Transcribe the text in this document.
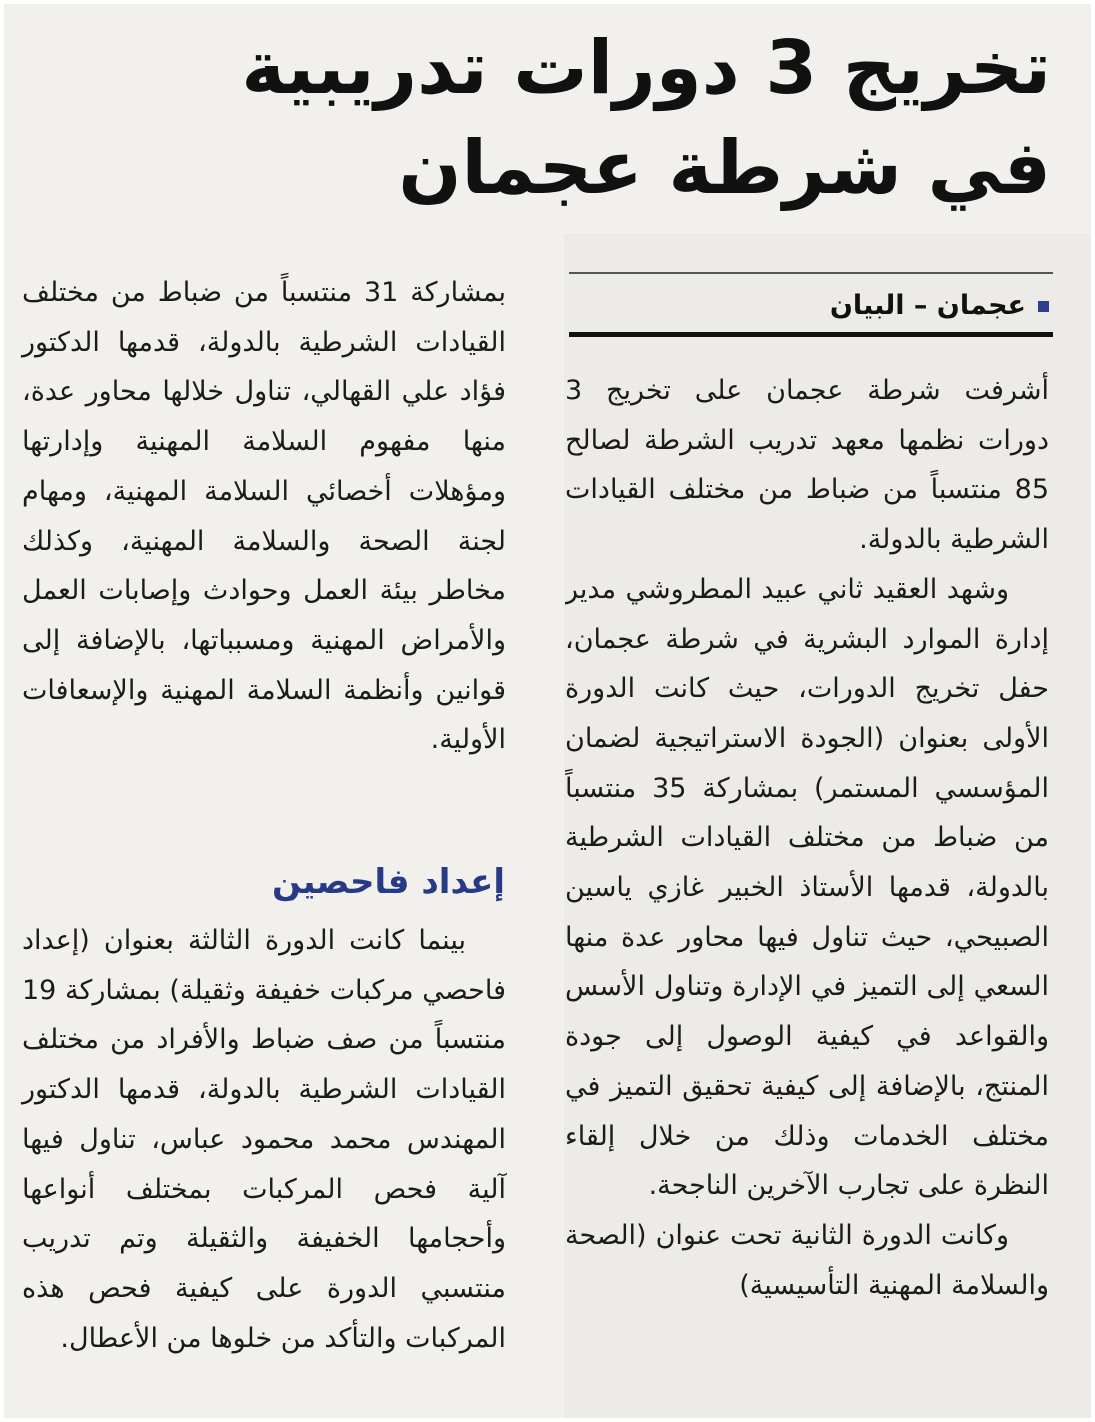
تخريج 3 دورات تدريبية
في شرطة عجمان
عجمان – البيان

أشرفت شرطة عجمان على تخريج 3 دورات نظمها معهد تدريب الشرطة لصالح 85 منتسباً من ضباط من مختلف القيادات الشرطية بالدولة.

وشهد العقيد ثاني عبيد المطروشي مدير إدارة الموارد البشرية في شرطة عجمان، حفل تخريج الدورات، حيث كانت الدورة الأولى بعنوان (الجودة الاستراتيجية لضمان المؤسسي المستمر) بمشاركة 35 منتسباً من ضباط من مختلف القيادات الشرطية بالدولة، قدمها الأستاذ الخبير غازي ياسين الصبيحي، حيث تناول فيها محاور عدة منها السعي إلى التميز في الإدارة وتناول الأسس والقواعد في كيفية الوصول إلى جودة المنتج، بالإضافة إلى كيفية تحقيق التميز في مختلف الخدمات وذلك من خلال إلقاء النظرة على تجارب الآخرين الناجحة.

وكانت الدورة الثانية تحت عنوان (الصحة والسلامة المهنية التأسيسية)

بمشاركة 31 منتسباً من ضباط من مختلف القيادات الشرطية بالدولة، قدمها الدكتور فؤاد علي القهالي، تناول خلالها محاور عدة، منها مفهوم السلامة المهنية وإدارتها ومؤهلات أخصائي السلامة المهنية، ومهام لجنة الصحة والسلامة المهنية، وكذلك مخاطر بيئة العمل وحوادث وإصابات العمل والأمراض المهنية ومسبباتها، بالإضافة إلى قوانين وأنظمة السلامة المهنية والإسعافات الأولية.

إعداد فاحصين

بينما كانت الدورة الثالثة بعنوان (إعداد فاحصي مركبات خفيفة وثقيلة) بمشاركة 19 منتسباً من صف ضباط والأفراد من مختلف القيادات الشرطية بالدولة، قدمها الدكتور المهندس محمد محمود عباس، تناول فيها آلية فحص المركبات بمختلف أنواعها وأحجامها الخفيفة والثقيلة وتم تدريب منتسبي الدورة على كيفية فحص هذه المركبات والتأكد من خلوها من الأعطال.
